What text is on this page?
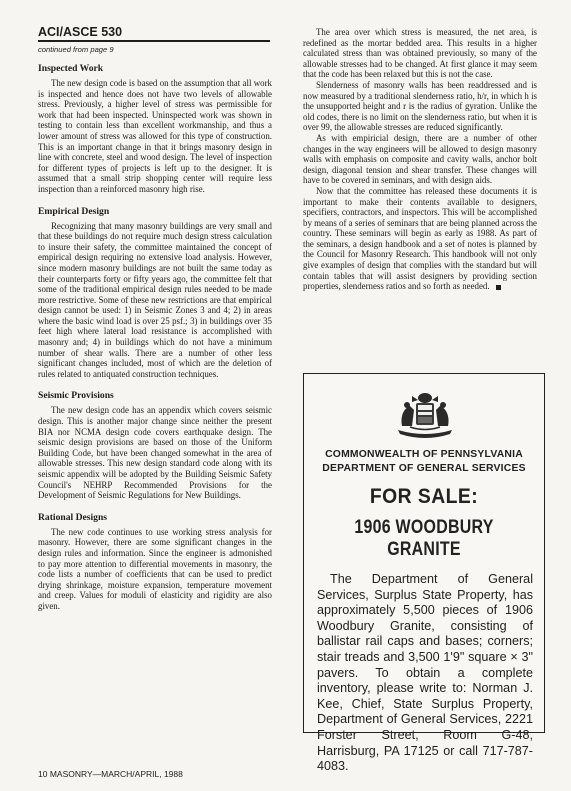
ACI/ASCE 530
continued from page 9
Inspected Work

The new design code is based on the assumption that all work is inspected and hence does not have two levels of allowable stress. Previously, a higher level of stress was permissible for work that had been inspected. Uninspected work was shown in testing to contain less than excellent workmanship, and thus a lower amount of stress was allowed for this type of construction. This is an important change in that it brings masonry design in line with concrete, steel and wood design. The level of inspection for different types of projects is left up to the designer. It is assumed that a small strip shopping center will require less inspection than a reinforced masonry high rise.

Empirical Design

Recognizing that many masonry buildings are very small and that these buildings do not require much design stress calculation to insure their safety, the committee maintained the concept of empirical design requiring no extensive load analysis. However, since modern masonry buildings are not built the same today as their counterparts forty or fifty years ago, the committee felt that some of the traditional empirical design rules needed to be made more restrictive. Some of these new restrictions are that empirical design cannot be used: 1) in Seismic Zones 3 and 4; 2) in areas where the basic wind load is over 25 psf.; 3) in buildings over 35 feet high where lateral load resistance is accomplished with masonry and; 4) in buildings which do not have a minimum number of shear walls. There are a number of other less significant changes included, most of which are the deletion of rules related to antiquated construction techniques.

Seismic Provisions

The new design code has an appendix which covers seismic design. This is another major change since neither the present BIA nor NCMA design code covers earthquake design. The seismic design provisions are based on those of the Uniform Building Code, but have been changed somewhat in the area of allowable stresses. This new design standard code along with its seismic appendix will be adopted by the Building Seismic Safety Council's NEHRP Recommended Provisions for the Development of Seismic Regulations for New Buildings.

Rational Designs

The new code continues to use working stress analysis for masonry. However, there are some significant changes in the design rules and information. Since the engineer is admonished to pay more attention to differential movements in masonry, the code lists a number of coefficients that can be used to predict drying shrinkage, moisture expansion, temperature movement and creep. Values for moduli of elasticity and rigidity are also given.

The area over which stress is measured, the net area, is redefined as the mortar bedded area. This results in a higher calculated stress than was obtained previously, so many of the allowable stresses had to be changed. At first glance it may seem that the code has been relaxed but this is not the case.

Slenderness of masonry walls has been readdressed and is now measured by a traditional slenderness ratio, h/r, in which h is the unsupported height and r is the radius of gyration. Unlike the old codes, there is no limit on the slenderness ratio, but when it is over 99, the allowable stresses are reduced significantly.

As with empiricial design, there are a number of other changes in the way engineers will be allowed to design masonry walls with emphasis on composite and cavity walls, anchor bolt design, diagonal tension and shear transfer. These changes will have to be covered in seminars, and with design aids.

Now that the committee has released these documents it is important to make their contents available to designers, specifiers, contractors, and inspectors. This will be accomplished by means of a series of seminars that are being planned across the country. These seminars will begin as early as 1988. As part of the seminars, a design handbook and a set of notes is planned by the Council for Masonry Research. This handbook will not only give examples of design that complies with the standard but will contain tables that will assist designers by providing section properties, slenderness ratios and so forth as needed.

COMMONWEALTH OF PENNSYLVANIA
DEPARTMENT OF GENERAL SERVICES
FOR SALE:
1906 WOODBURY GRANITE

The Department of General Services, Surplus State Property, has approximately 5,500 pieces of 1906 Woodbury Granite, consisting of ballistar rail caps and bases; corners; stair treads and 3,500 1'9" square × 3" pavers. To obtain a complete inventory, please write to: Norman J. Kee, Chief, State Surplus Property, Department of General Services, 2221 Forster Street, Room G-48, Harrisburg, PA 17125 or call 717-787-4083.

10 MASONRY—MARCH/APRIL, 1988
